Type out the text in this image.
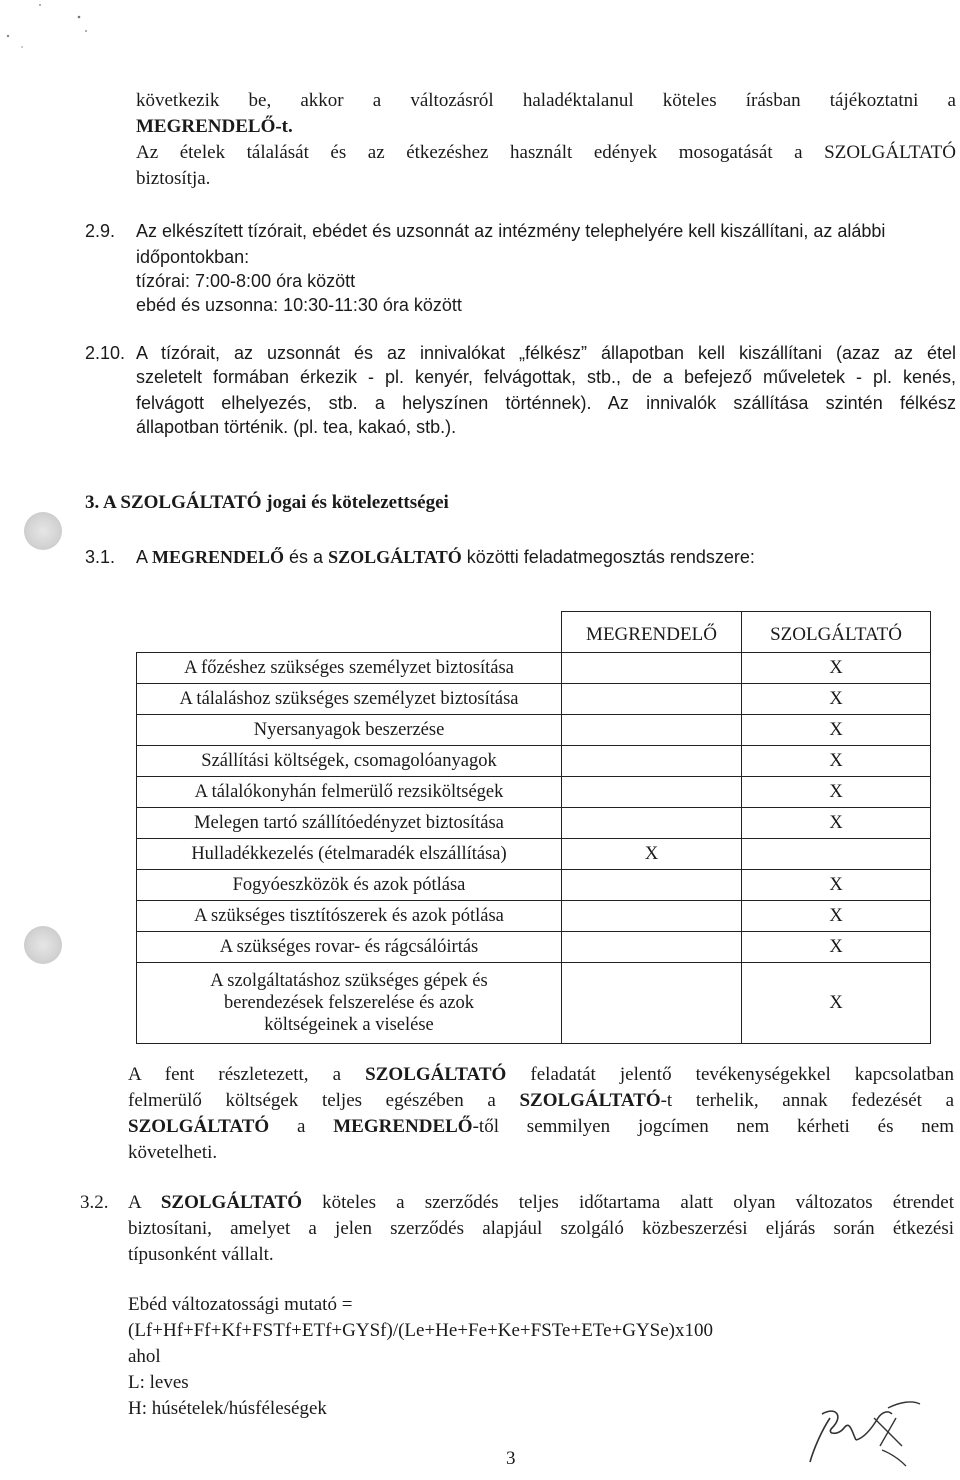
következik be, akkor a változásról haladéktalanul köteles írásban tájékoztatni a
MEGRENDELŐ-t.
Az ételek tálalását és az étkezéshez használt edények mosogatását a SZOLGÁLTATÓ
biztosítja.
2.9. Az elkészített tízórait, ebédet és uzsonnát az intézmény telephelyére kell kiszállítani, az alábbi
időpontokban:
tízórai: 7:00-8:00 óra között
ebéd és uzsonna: 10:30-11:30 óra között
2.10. A tízórait, az uzsonnát és az innivalókat „félkész” állapotban kell kiszállítani (azaz az étel
szeletelt formában érkezik - pl. kenyér, felvágottak, stb., de a befejező műveletek - pl. kenés,
felvágott elhelyezés, stb. a helyszínen történnek). Az innivalók szállítása szintén félkész
állapotban történik. (pl. tea, kakaó, stb.).
3. A SZOLGÁLTATÓ jogai és kötelezettségei
3.1. A MEGRENDELŐ és a SZOLGÁLTATÓ közötti feladatmegosztás rendszere:
	MEGRENDELŐ	SZOLGÁLTATÓ
A főzéshez szükséges személyzet biztosítása		X
A tálaláshoz szükséges személyzet biztosítása		X
Nyersanyagok beszerzése		X
Szállítási költségek, csomagolóanyagok		X
A tálalókonyhán felmerülő rezsiköltségek		X
Melegen tartó szállítóedényzet biztosítása		X
Hulladékkezelés (ételmaradék elszállítása)	X	
Fogyóeszközök és azok pótlása		X
A szükséges tisztítószerek és azok pótlása		X
A szükséges rovar- és rágcsálóirtás		X

A szolgáltatáshoz szükséges gépek és
berendezések felszerelése és azok
költségeinek a viselése		X
A fent részletezett, a SZOLGÁLTATÓ feladatát jelentő tevékenységekkel kapcsolatban
felmerülő költségek teljes egészében a SZOLGÁLTATÓ-t terhelik, annak fedezését a
SZOLGÁLTATÓ a MEGRENDELŐ-től semmilyen jogcímen nem kérheti és nem
követelheti.
3.2. A SZOLGÁLTATÓ köteles a szerződés teljes időtartama alatt olyan változatos étrendet
biztosítani, amelyet a jelen szerződés alapjául szolgáló közbeszerzési eljárás során étkezési
típusonként vállalt.
Ebéd változatossági mutató =
(Lf+Hf+Ff+Kf+FSTf+ETf+GYSf)/(Le+He+Fe+Ke+FSTe+ETe+GYSe)x100
ahol
L: leves
H: húsételek/húsféleségek
3
